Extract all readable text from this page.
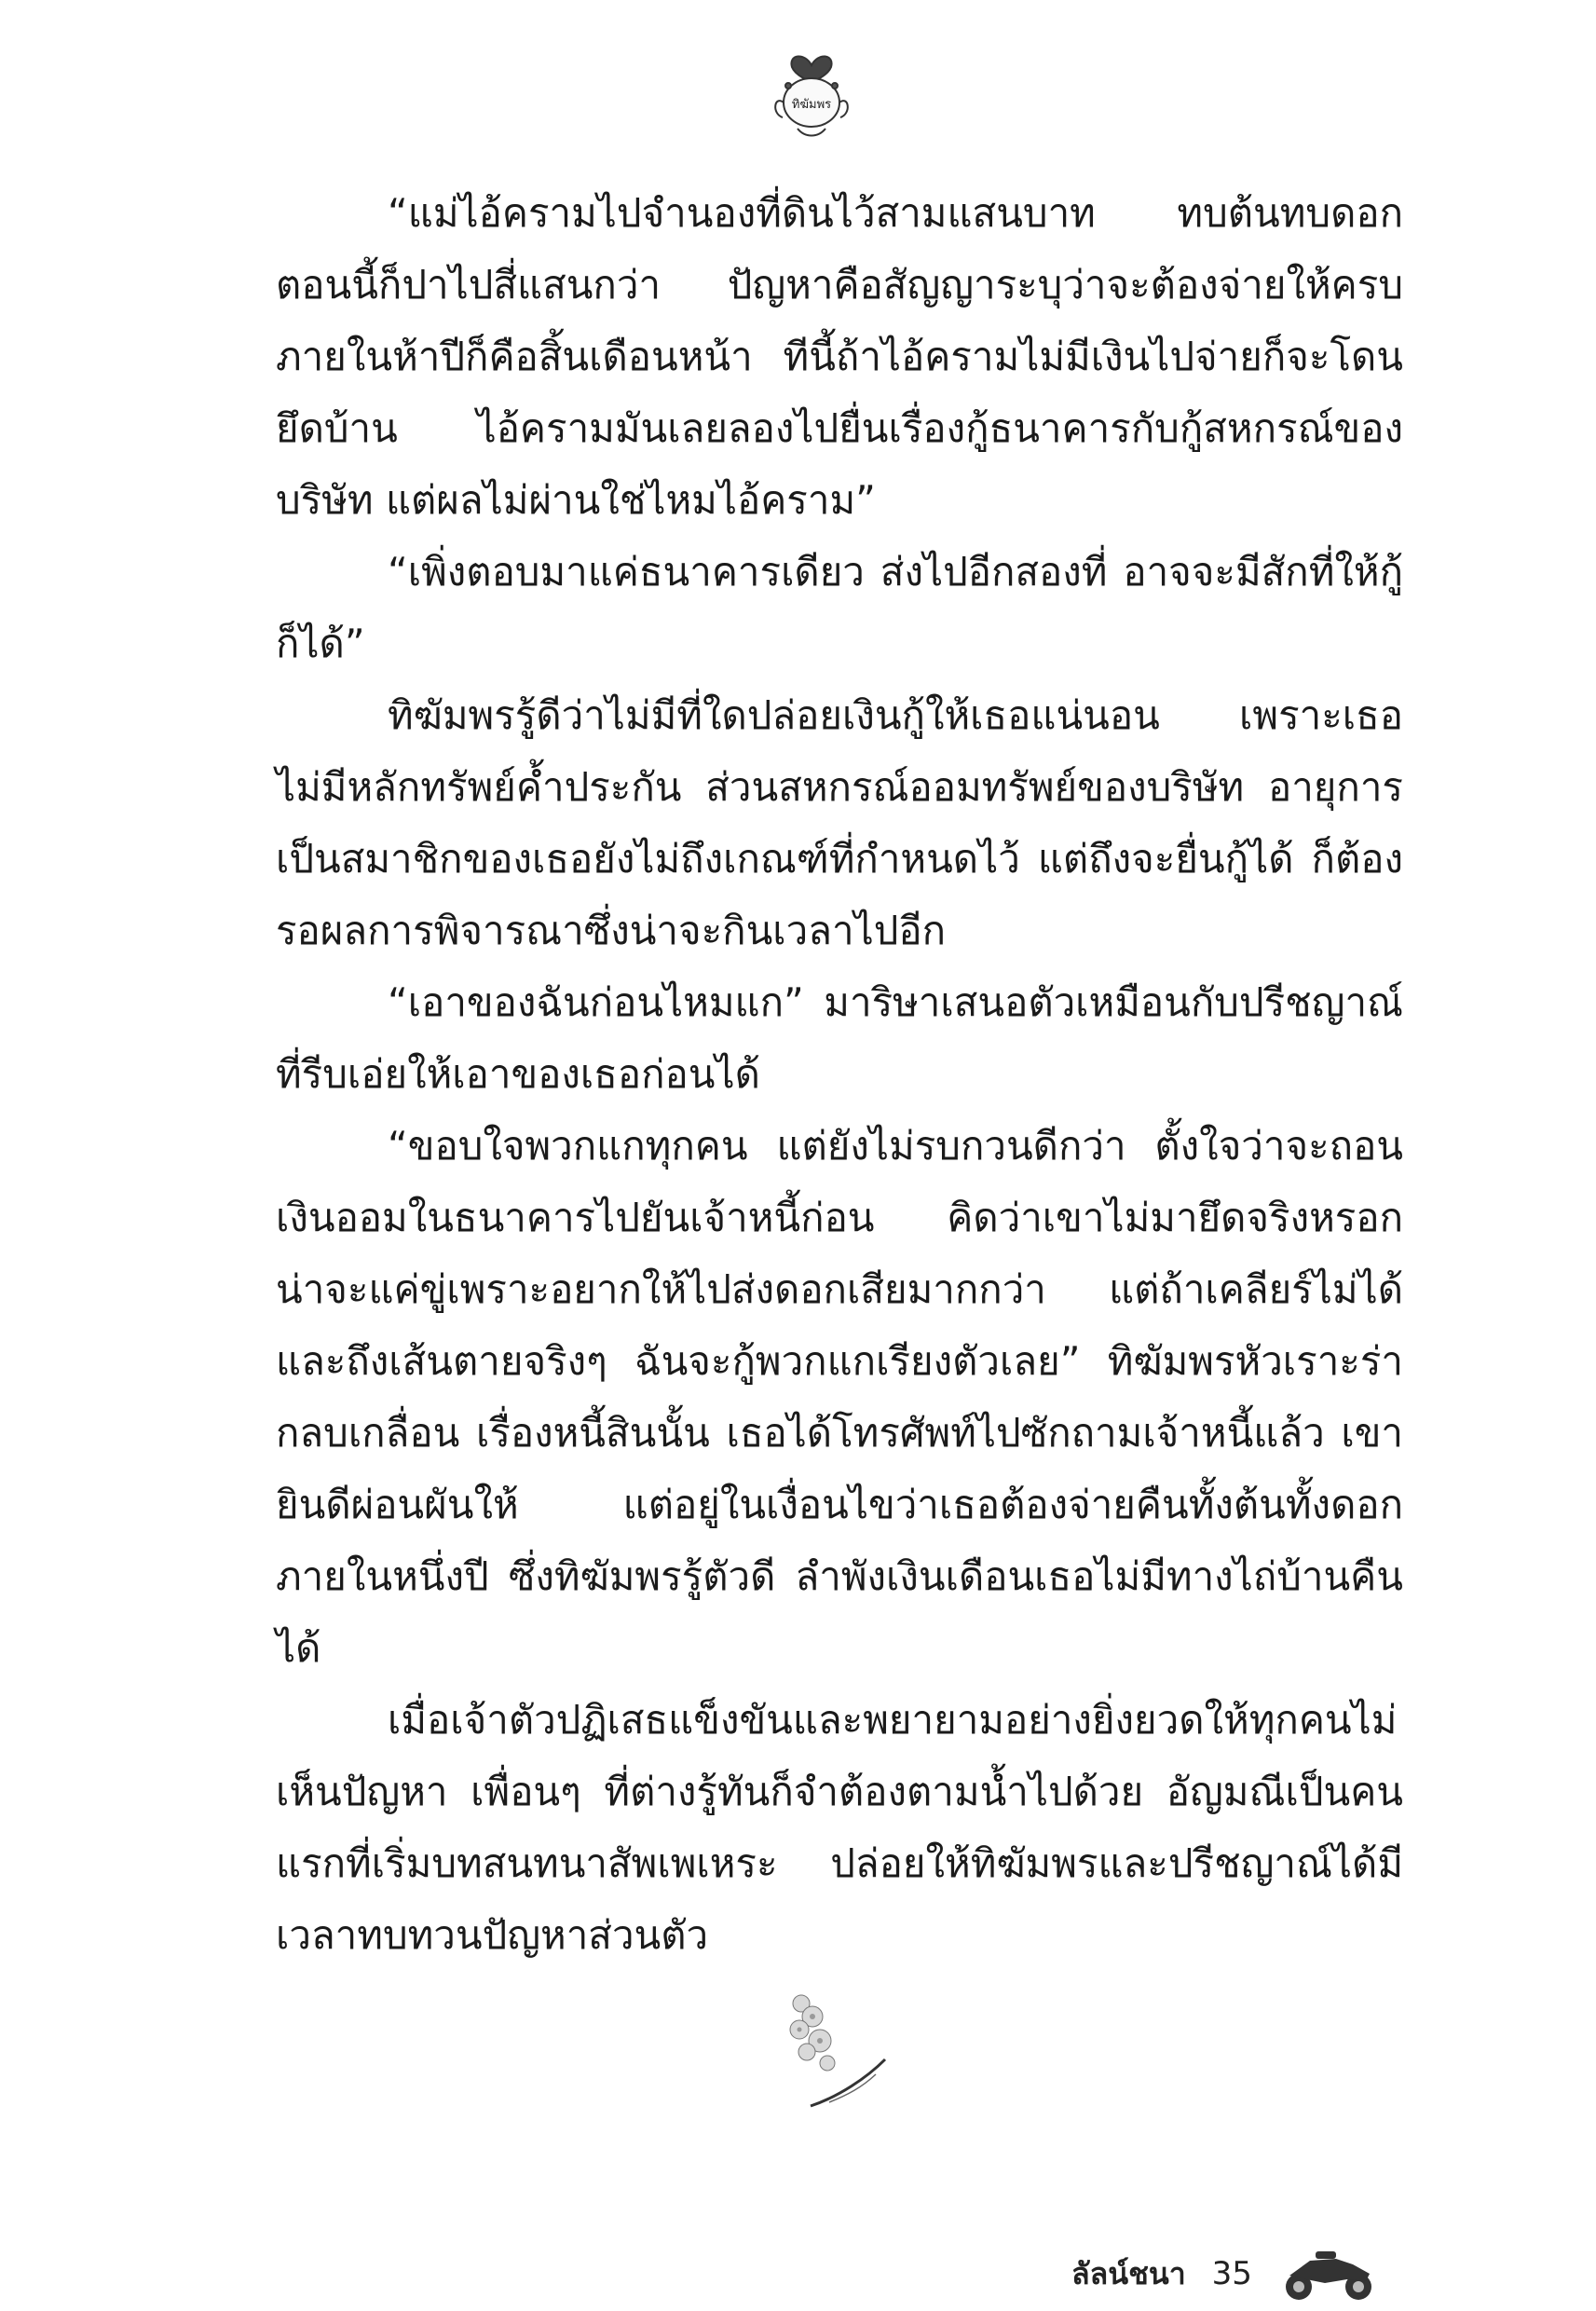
ทิฆัมพร

“แม่ไอ้ครามไปจำนองที่ดินไว้สามแสนบาท ทบต้นทบดอกตอนนี้ก็ปาไปสี่แสนกว่า ปัญหาคือสัญญาระบุว่าจะต้องจ่ายให้ครบภายในห้าปีก็คือสิ้นเดือนหน้า ทีนี้ถ้าไอ้ครามไม่มีเงินไปจ่ายก็จะโดนยึดบ้าน ไอ้ครามมันเลยลองไปยื่นเรื่องกู้ธนาคารกับกู้สหกรณ์ของบริษัท แต่ผลไม่ผ่านใช่ไหมไอ้คราม”

“เพิ่งตอบมาแค่ธนาคารเดียว ส่งไปอีกสองที่ อาจจะมีสักที่ให้กู้ก็ได้”

ทิฆัมพรรู้ดีว่าไม่มีที่ใดปล่อยเงินกู้ให้เธอแน่นอน เพราะเธอไม่มีหลักทรัพย์ค้ำประกัน ส่วนสหกรณ์ออมทรัพย์ของบริษัท อายุการเป็นสมาชิกของเธอยังไม่ถึงเกณฑ์ที่กำหนดไว้ แต่ถึงจะยื่นกู้ได้ ก็ต้องรอผลการพิจารณาซึ่งน่าจะกินเวลาไปอีก

“เอาของฉันก่อนไหมแก” มาริษาเสนอตัวเหมือนกับปรีชญาณ์ที่รีบเอ่ยให้เอาของเธอก่อนได้

“ขอบใจพวกแกทุกคน แต่ยังไม่รบกวนดีกว่า ตั้งใจว่าจะถอนเงินออมในธนาคารไปยันเจ้าหนี้ก่อน คิดว่าเขาไม่มายึดจริงหรอก น่าจะแค่ขู่เพราะอยากให้ไปส่งดอกเสียมากกว่า แต่ถ้าเคลียร์ไม่ได้และถึงเส้นตายจริงๆ ฉันจะกู้พวกแกเรียงตัวเลย” ทิฆัมพรหัวเราะร่ากลบเกลื่อน เรื่องหนี้สินนั้น เธอได้โทรศัพท์ไปซักถามเจ้าหนี้แล้ว เขายินดีผ่อนผันให้ แต่อยู่ในเงื่อนไขว่าเธอต้องจ่ายคืนทั้งต้นทั้งดอกภายในหนึ่งปี ซึ่งทิฆัมพรรู้ตัวดี ลำพังเงินเดือนเธอไม่มีทางไถ่บ้านคืนได้

เมื่อเจ้าตัวปฏิเสธแข็งขันและพยายามอย่างยิ่งยวดให้ทุกคนไม่เห็นปัญหา เพื่อนๆ ที่ต่างรู้ทันก็จำต้องตามน้ำไปด้วย อัญมณีเป็นคนแรกที่เริ่มบทสนทนาสัพเพเหระ ปล่อยให้ทิฆัมพรและปรีชญาณ์ได้มีเวลาทบทวนปัญหาส่วนตัว

ลัลน์ชนา 35
